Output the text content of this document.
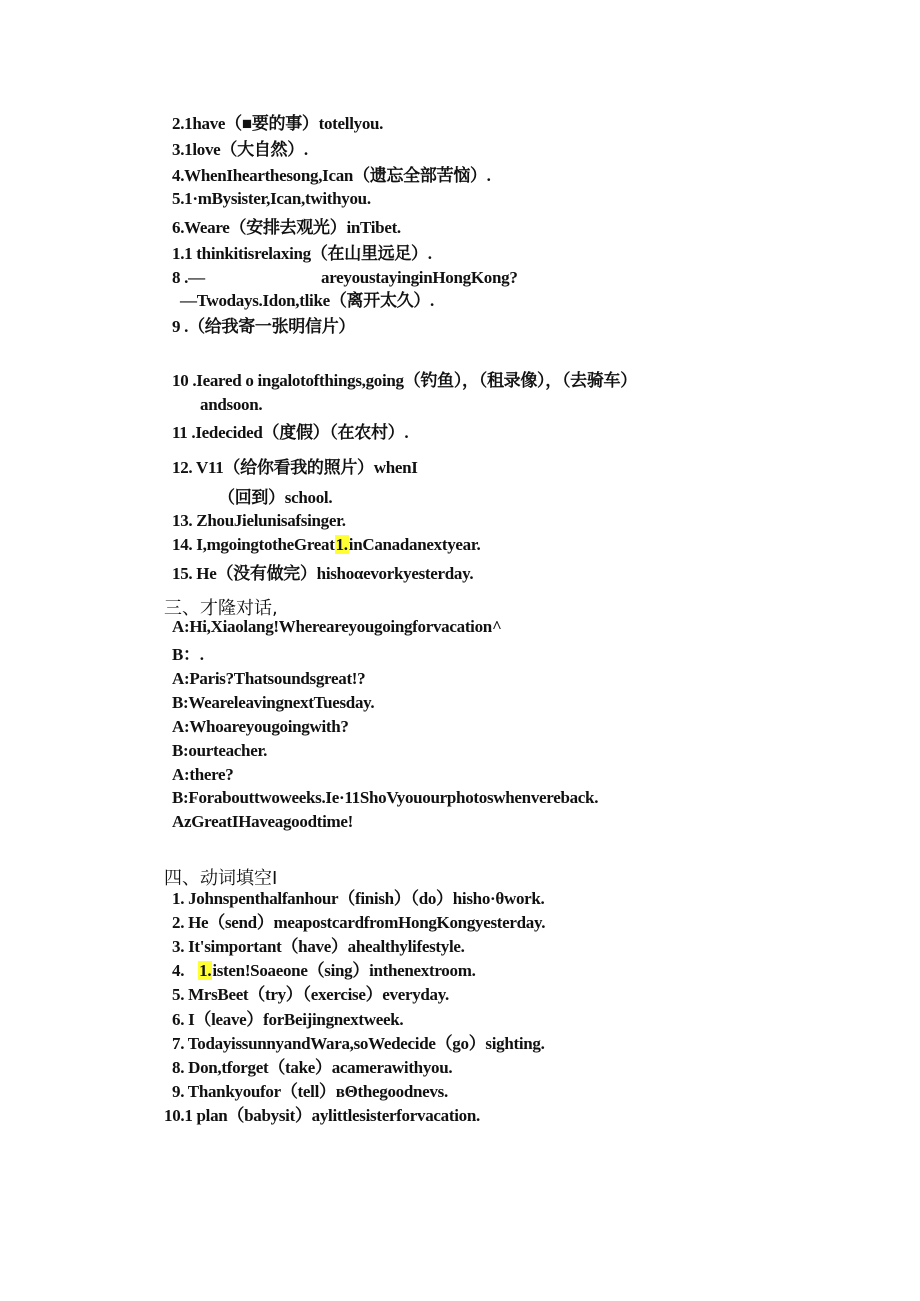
2.1have（■要的事）totellyou.
3.1love（大自然）.
4.WhenIhearthesong,Ican（遗忘全部苦恼）.
5.1·mBysister,Ican,twithyou.
6.Weare（安排去观光）inTibet.
1.1 thinkitisrelaxing（在山里远足）.
8 .—	areyoustayinginHongKong?
—Twodays.Idon,tlike（离开太久）.
9 .（给我寄一张明信片）
10 .Ieared o ingalotofthings,going（钓鱼），（租录像），（去骑车）
andsoon.
11 .Iedecided（度假）（在农村）.
12. V11（给你看我的照片）whenI
（回到）school.
13. ZhouJielunisafsinger.
14. I,mgoingtotheGreat1.inCanadanextyear.
15. He（没有做完）hishoαevorkyesterday.
三、才隆对话,
A:Hi,Xiaolang!Whereareyougoingforvacation^
B：.
A:Paris?Thatsoundsgreat!?
B:WeareleavingnextTuesday.
A:Whoareyougoingwith?
B:ourteacher.
A:there?
B:Forabouttwoweeks.Ie·11ShoVyouourphotoswhenvereback.
AzGreatIHaveagoodtime!
四、动词填空I
1. Johnspenthalfanhour（finish）（do）hisho·θwork.
2. He（send）meapostcardfromHongKongyesterday.
3. It'simportant（have）ahealthylifestyle.
4. 1.isten!Soaeone（sing）inthenextroom.
5. MrsBeet（try）（exercise）everyday.
6. I（leave）forBeijingnextweek.
7. TodayissunnyandWara,soWedecide（go）sighting.
8. Don,tforget（take）acamerawithyou.
9. Thankyoufor（tell）вΘthegoodnevs.
10.1 plan（babysit）aylittlesisterforvacation.
